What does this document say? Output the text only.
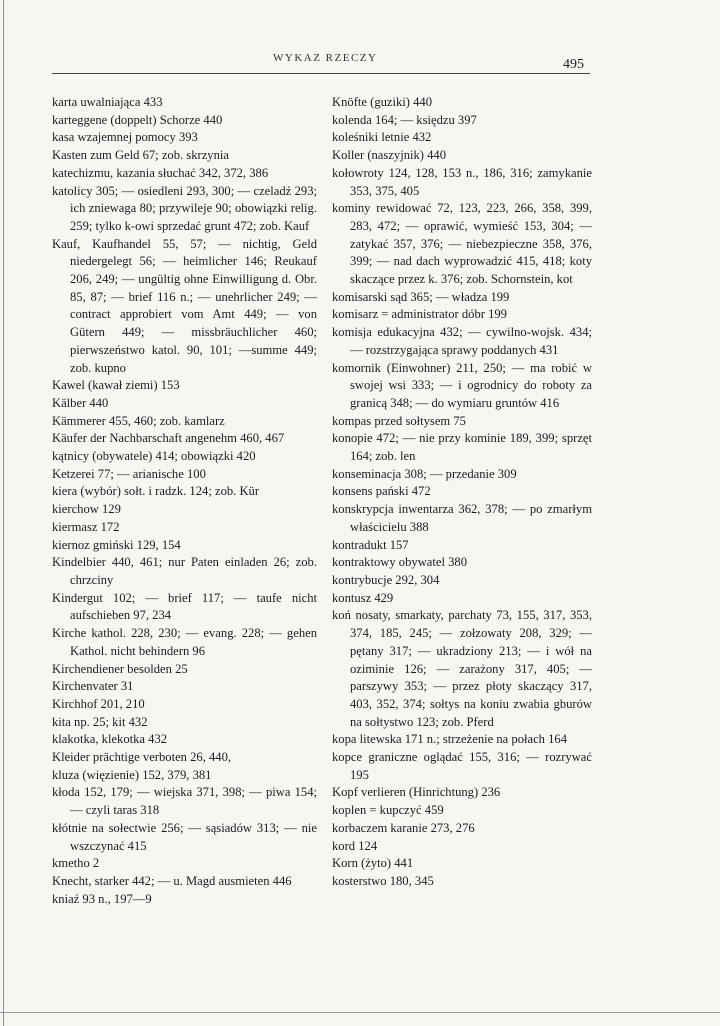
WYKAZ RZECZY	495
karta uwalniająca 433
karteggene (doppelt) Schorze 440
kasa wzajemnej pomocy 393
Kasten zum Geld 67; zob. skrzynia
katechizmu, kazania słuchać 342, 372, 386
katolicy 305; — osiedleni 293, 300; — czeladź 293; ich zniewaga 80; przywileje 90; obowiązki relig. 259; tylko k-owi sprzedać grunt 472; zob. Kauf
Kauf, Kaufhandel 55, 57; — nichtig, Geld niedergelegt 56; — heimlicher 146; Reukauf 206, 249; — ungültig ohne Einwilligung d. Obr. 85, 87; — brief 116 n.; — unehrlicher 249; — contract approbiert vom Amt 449; — von Gütern 449; — missbräuchlicher 460; pierwszeństwo katol. 90, 101; —summe 449; zob. kupno
Kawel (kawał ziemi) 153
Kälber 440
Kämmerer 455, 460; zob. kamlarz
Käufer der Nachbarschaft angenehm 460, 467
kątnicy (obywatele) 414; obowiązki 420
Ketzerei 77; — arianische 100
kiera (wybór) sołt. i radzk. 124; zob. Kür
kierchow 129
kiermasz 172
kiernoz gmiński 129, 154
Kindelbier 440, 461; nur Paten einladen 26; zob. chrzciny
Kindergut 102; — brief 117; — taufe nicht aufschieben 97, 234
Kirche kathol. 228, 230; — evang. 228; — gehen Kathol. nicht behindern 96
Kirchendiener besolden 25
Kirchenvater 31
Kirchhof 201, 210
kita np. 25; kit 432
klakotka, klekotka 432
Kleider prächtige verboten 26, 440,
kluza (więzienie) 152, 379, 381
kłoda 152, 179; — wiejska 371, 398; — piwa 154; — czyli taras 318
kłótnie na sołectwie 256; — sąsiadów 313; — nie wszczynać 415
kmetho 2
Knecht, starker 442; — u. Magd ausmieten 446
kniaź 93 n., 197—9
Knöfte (guziki) 440
kolenda 164; — księdzu 397
koleśniki letnie 432
Koller (naszyjnik) 440
kołowroty 124, 128, 153 n., 186, 316; zamykanie 353, 375, 405
kominy rewidować 72, 123, 223, 266, 358, 399, 283, 472; — oprawić, wymieść 153, 304; — zatykać 357, 376; — niebezpieczne 358, 376, 399; — nad dach wyprowadzić 415, 418; koty skaczące przez k. 376; zob. Schornstein, kot
komisarski sąd 365; — władza 199
komisarz = administrator dóbr 199
komisja edukacyjna 432; — cywilno-wojsk. 434; — rozstrzygająca sprawy poddanych 431
komornik (Einwohner) 211, 250; — ma robić w swojej wsi 333; — i ogrodnicy do roboty za granicą 348; — do wymiaru gruntów 416
kompas przed sołtysem 75
konopie 472; — nie przy kominie 189, 399; sprzęt 164; zob. len
konseminacja 308; — przedanie 309
konsens pański 472
konskrypcja inwentarza 362, 378; — po zmarłym właścicielu 388
kontradukt 157
kontraktowy obywatel 380
kontrybucje 292, 304
kontusz 429
koń nosaty, smarkaty, parchaty 73, 155, 317, 353, 374, 185, 245; — zołzowaty 208, 329; — pętany 317; — ukradziony 213; — i wół na oziminie 126; — zarażony 317, 405; — parszywy 353; — przez płoty skaczący 317, 403, 352, 374; sołtys na koniu zwabia gburów na sołtystwo 123; zob. Pferd
kopa litewska 171 n.; strzeżenie na połach 164
kopce graniczne oglądać 155, 316; — rozrywać 195
Kopf verlieren (Hinrichtung) 236
koplen = kupczyć 459
korbaczem karanie 273, 276
kord 124
Korn (żyto) 441
kosterstwo 180, 345
